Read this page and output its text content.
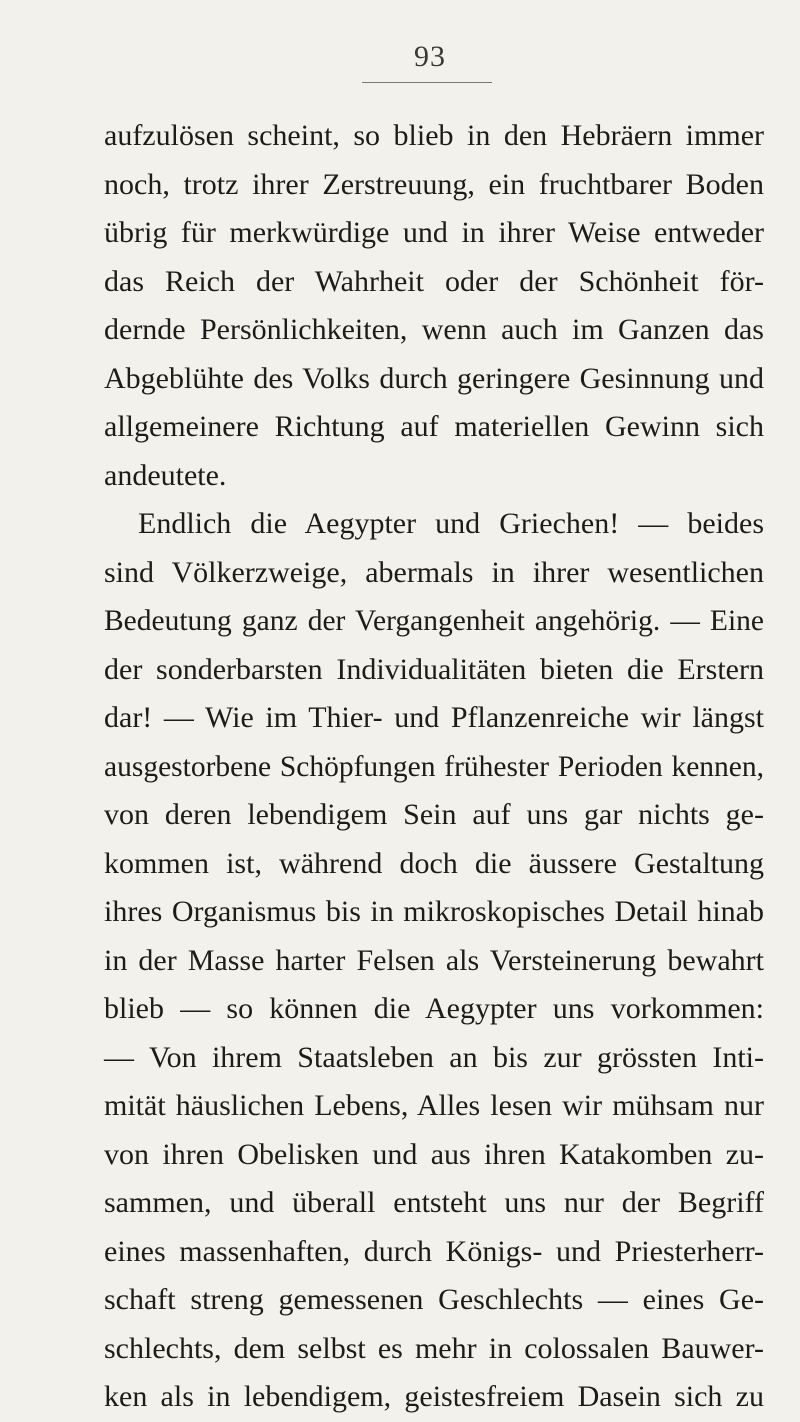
93
aufzulösen scheint, so blieb in den Hebräern immer
noch, trotz ihrer Zerstreuung, ein fruchtbarer Boden
übrig für merkwürdige und in ihrer Weise entweder
das Reich der Wahrheit oder der Schönheit för-
dernde Persönlichkeiten, wenn auch im Ganzen das
Abgeblühte des Volks durch geringere Gesinnung und
allgemeinere Richtung auf materiellen Gewinn sich
andeutete.
Endlich die Aegypter und Griechen! — beides
sind Völkerzweige, abermals in ihrer wesentlichen
Bedeutung ganz der Vergangenheit angehörig. — Eine
der sonderbarsten Individualitäten bieten die Erstern
dar! — Wie im Thier- und Pflanzenreiche wir längst
ausgestorbene Schöpfungen frühester Perioden kennen,
von deren lebendigem Sein auf uns gar nichts ge-
kommen ist, während doch die äussere Gestaltung
ihres Organismus bis in mikroskopisches Detail hinab
in der Masse harter Felsen als Versteinerung bewahrt
blieb — so können die Aegypter uns vorkommen:
— Von ihrem Staatsleben an bis zur grössten Inti-
mität häuslichen Lebens, Alles lesen wir mühsam nur
von ihren Obelisken und aus ihren Katakomben zu-
sammen, und überall entsteht uns nur der Begriff
eines massenhaften, durch Königs- und Priesterherr-
schaft streng gemessenen Geschlechts — eines Ge-
schlechts, dem selbst es mehr in colossalen Bauwer-
ken als in lebendigem, geistesfreiem Dasein sich zu
